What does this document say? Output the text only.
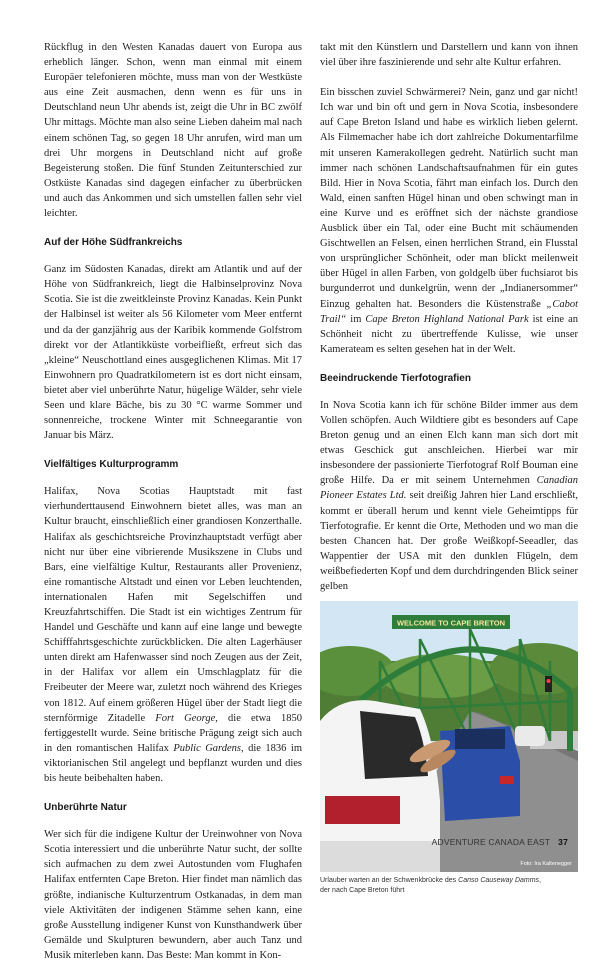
Rückflug in den Westen Kanadas dauert von Europa aus erheblich länger. Schon, wenn man einmal mit einem Europäer telefonieren möchte, muss man von der Westküste aus eine Zeit ausmachen, denn wenn es für uns in Deutschland neun Uhr abends ist, zeigt die Uhr in BC zwölf Uhr mittags. Möchte man also seine Lieben daheim mal nach einem schönen Tag, so gegen 18 Uhr anrufen, wird man um drei Uhr morgens in Deutschland nicht auf große Begeisterung stoßen. Die fünf Stunden Zeitunterschied zur Ostküste Kanadas sind dagegen einfacher zu überbrücken und auch das Ankommen und sich umstellen fallen sehr viel leichter.

Auf der Höhe Südfrankreichs

Ganz im Südosten Kanadas, direkt am Atlantik und auf der Höhe von Südfrankreich, liegt die Halbinselprovinz Nova Scotia. Sie ist die zweitkleinste Provinz Kanadas. Kein Punkt der Halbinsel ist weiter als 56 Kilometer vom Meer entfernt und da der ganzjährig aus der Karibik kommende Golfstrom direkt vor der Atlantikküste vorbeifließt, erfreut sich das „kleine“ Neuschottland eines ausgeglichenen Klimas. Mit 17 Einwohnern pro Quadratkilometern ist es dort nicht einsam, bietet aber viel unberührte Natur, hügelige Wälder, sehr viele Seen und klare Bäche, bis zu 30 °C warme Sommer und sonnenreiche, trockene Winter mit Schneegarantie von Januar bis März.

Vielfältiges Kulturprogramm

Halifax, Nova Scotias Hauptstadt mit fast vierhunderttausend Einwohnern bietet alles, was man an Kultur braucht, einschließlich einer grandiosen Konzerthalle. Halifax als geschichtsreiche Provinzhauptstadt verfügt aber nicht nur über eine vibrierende Musikszene in Clubs und Bars, eine vielfältige Kultur, Restaurants aller Provenienz, eine romantische Altstadt und einen vor Leben leuchtenden, internationalen Hafen mit Segelschiffen und Kreuzfahrtschiffen. Die Stadt ist ein wichtiges Zentrum für Handel und Geschäfte und kann auf eine lange und bewegte Schifffahrtsgeschichte zurückblicken. Die alten Lagerhäuser unten direkt am Hafenwasser sind noch Zeugen aus der Zeit, in der Halifax vor allem ein Umschlagplatz für die Freibeuter der Meere war, zuletzt noch während des Krieges von 1812. Auf einem größeren Hügel über der Stadt liegt die sternförmige Zitadelle Fort George, die etwa 1850 fertiggestellt wurde. Seine britische Prägung zeigt sich auch in den romantischen Halifax Public Gardens, die 1836 im viktorianischen Stil angelegt und bepflanzt wurden und dies bis heute beibehalten haben.

Unberührte Natur

Wer sich für die indigene Kultur der Ureinwohner von Nova Scotia interessiert und die unberührte Natur sucht, der sollte sich aufmachen zu dem zwei Autostunden vom Flughafen Halifax entfernten Cape Breton. Hier findet man nämlich das größte, indianische Kulturzentrum Ostkanadas, in dem man viele Aktivitäten der indigenen Stämme sehen kann, eine große Ausstellung indigener Kunst von Kunsthandwerk über Gemälde und Skulpturen bewundern, aber auch Tanz und Musik miterleben kann. Das Beste: Man kommt in Kon-

takt mit den Künstlern und Darstellern und kann von ihnen viel über ihre faszinierende und sehr alte Kultur erfahren.

Ein bisschen zuviel Schwärmerei? Nein, ganz und gar nicht! Ich war und bin oft und gern in Nova Scotia, insbesondere auf Cape Breton Island und habe es wirklich lieben gelernt. Als Filmemacher habe ich dort zahlreiche Dokumentarfilme mit unseren Kamerakollegen gedreht. Natürlich sucht man immer nach schönen Landschaftsaufnahmen für ein gutes Bild. Hier in Nova Scotia, fährt man einfach los. Durch den Wald, einen sanften Hügel hinan und oben schwingt man in eine Kurve und es eröffnet sich der nächste grandiose Ausblick über ein Tal, oder eine Bucht mit schäumenden Gischtwellen an Felsen, einen herrlichen Strand, ein Flusstal von ursprünglicher Schönheit, oder man blickt meilenweit über Hügel in allen Farben, von goldgelb über fuchsiarot bis burgunderrot und dunkelgrün, wenn der „Indianersommer“ Einzug gehalten hat. Besonders die Küstenstraße „Cabot Trail“ im Cape Breton Highland National Park ist eine an Schönheit nicht zu übertreffende Kulisse, wie unser Kamerateam es selten gesehen hat in der Welt.

Beeindruckende Tierfotografien

In Nova Scotia kann ich für schöne Bilder immer aus dem Vollen schöpfen. Auch Wildtiere gibt es besonders auf Cape Breton genug und an einen Elch kann man sich dort mit etwas Geschick gut anschleichen. Hierbei war mir insbesondere der passionierte Tierfotograf Rolf Bouman eine große Hilfe. Da er mit seinem Unternehmen Canadian Pioneer Estates Ltd. seit dreißig Jahren hier Land erschließt, kommt er überall herum und kennt viele Geheimtipps für Tierfotografie. Er kennt die Orte, Methoden und wo man die besten Chancen hat. Der große Weißkopf-Seeadler, das Wappentier der USA mit den dunklen Flügeln, dem weißbefiederten Kopf und dem durchdringenden Blick seiner gelben

WELCOME TO CAPE BRETON
Foto: Ira Kaltenegger
Urlauber warten an der Schwenkbrücke des Canso Causeway Damms,
der nach Cape Breton führt
ADVENTURE CANADA EAST 37
